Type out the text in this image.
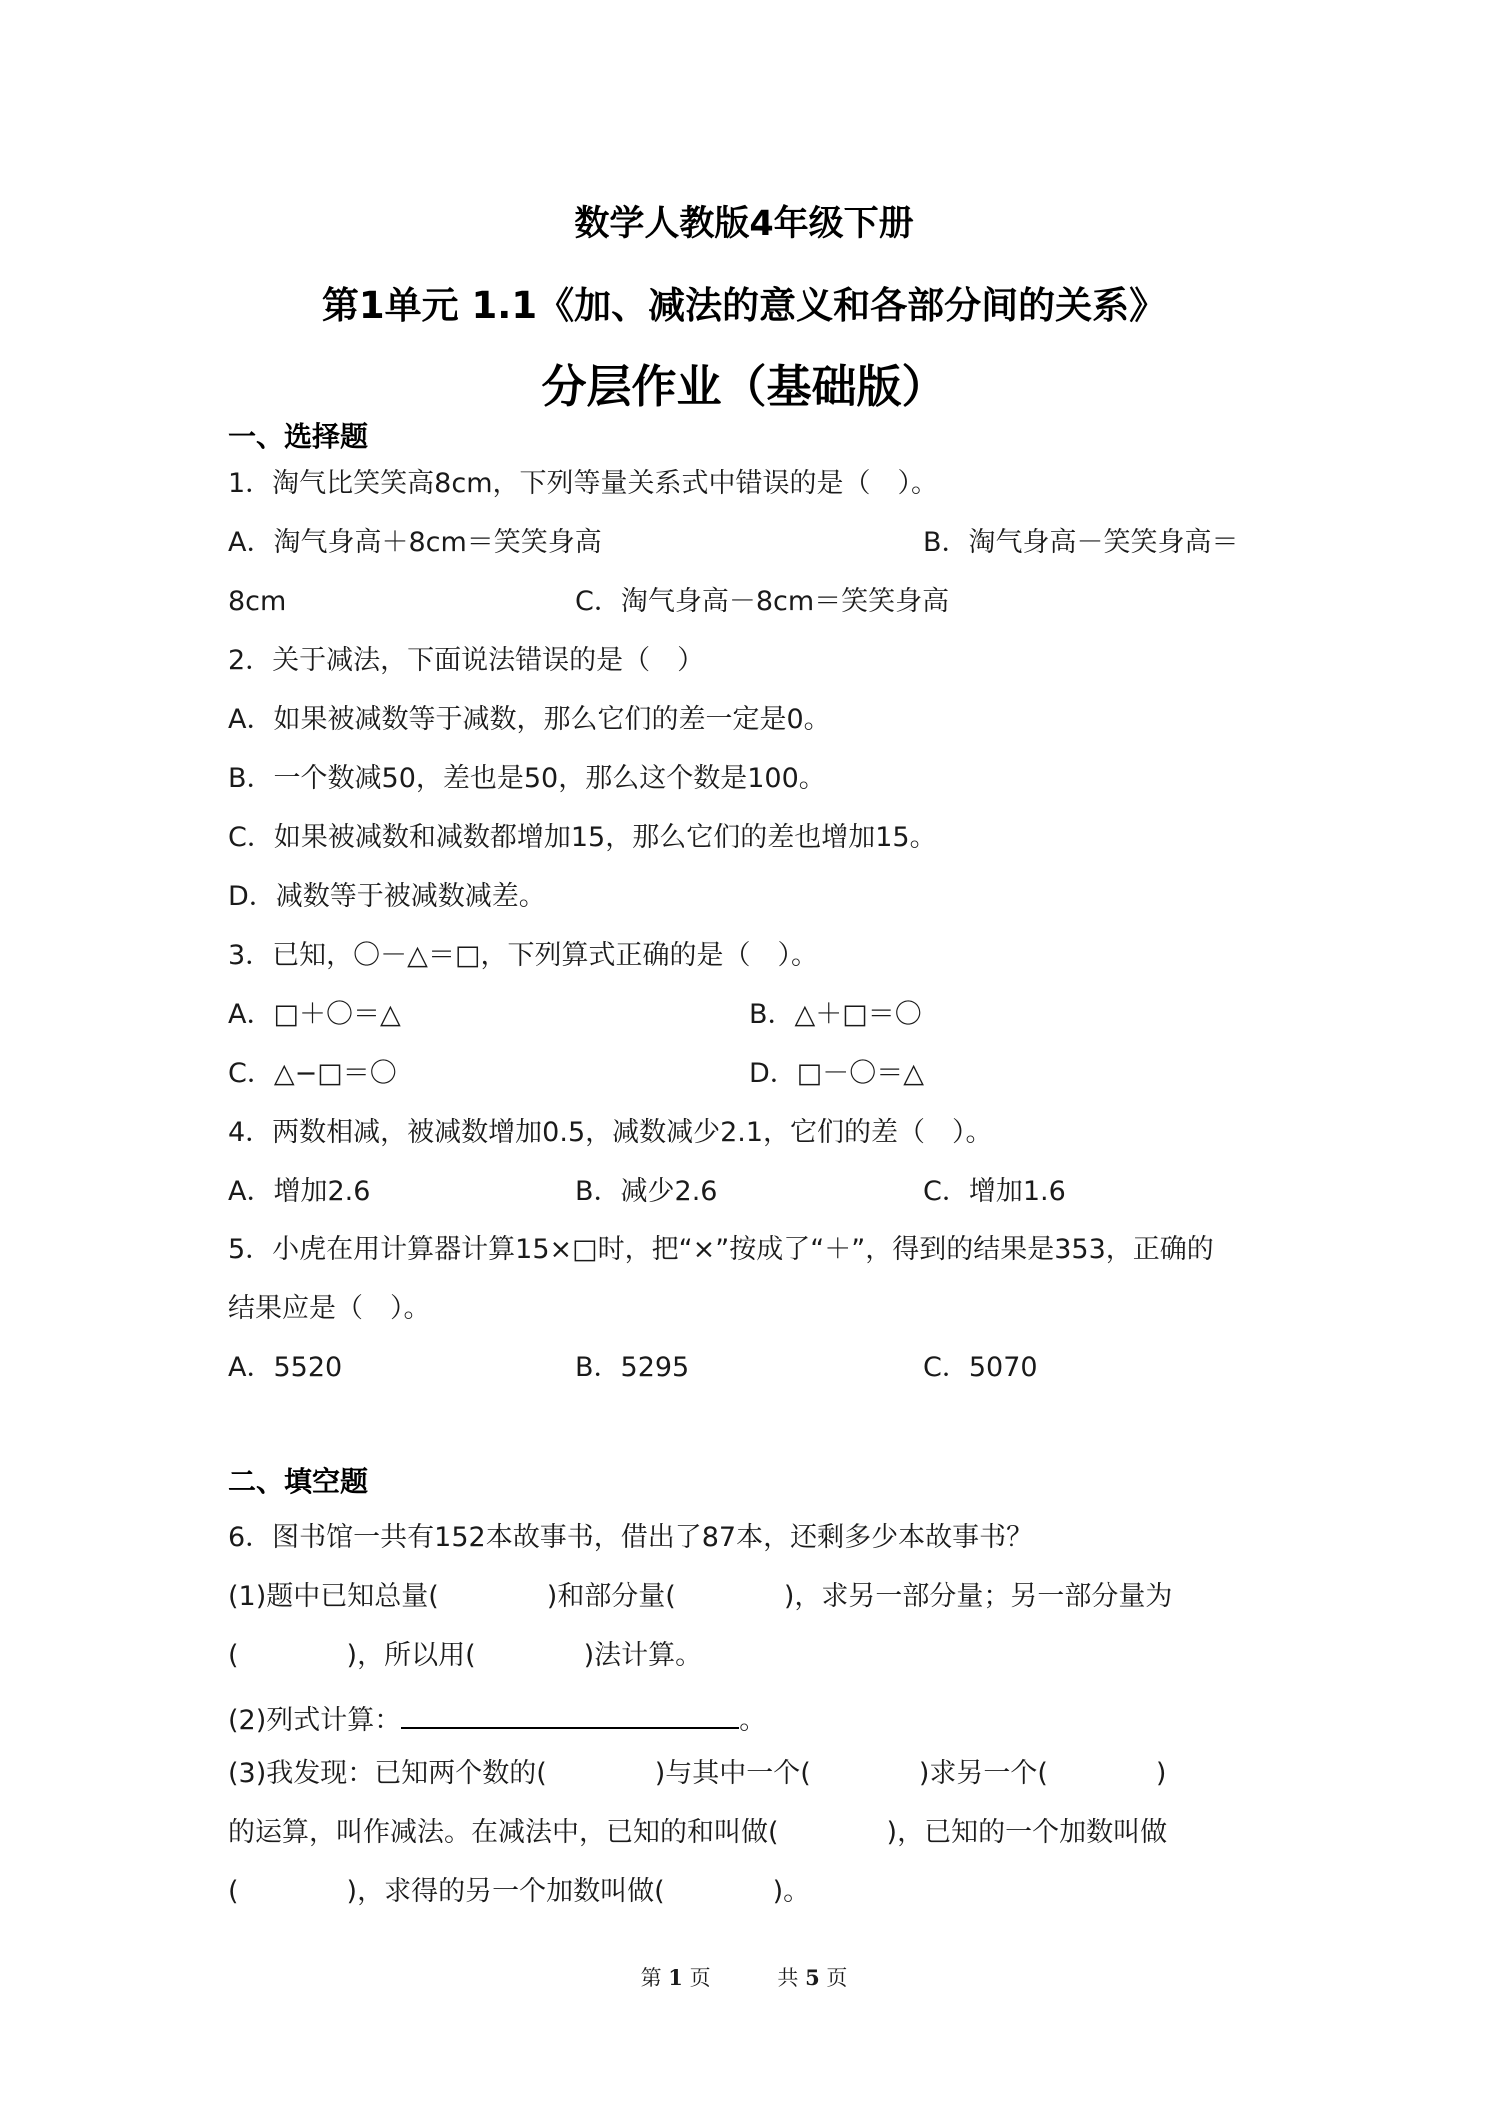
数学人教版4年级下册
第1单元 1.1《加、减法的意义和各部分间的关系》
分层作业（基础版）
一、选择题
1．淘气比笑笑高8cm，下列等量关系式中错误的是（　）。
A．淘气身高＋8cm＝笑笑身高	B．淘气身高－笑笑身高＝
8cm	C．淘气身高－8cm＝笑笑身高
2．关于减法，下面说法错误的是（　）
A．如果被减数等于减数，那么它们的差一定是0。
B．一个数减50，差也是50，那么这个数是100。
C．如果被减数和减数都增加15，那么它们的差也增加15。
D．减数等于被减数减差。
3．已知，〇－△＝□，下列算式正确的是（　）。
A．□＋〇＝△	B．△＋□＝〇
C．△−□＝〇	D．□－〇＝△
4．两数相减，被减数增加0.5，减数减少2.1，它们的差（　）。
A．增加2.6	B．减少2.6	C．增加1.6
5．小虎在用计算器计算15×□时，把“×”按成了“＋”，得到的结果是353，正确的
结果应是（　）。
A．5520	B．5295	C．5070
二、填空题
6．图书馆一共有152本故事书，借出了87本，还剩多少本故事书？
(1)题中已知总量(　　　　)和部分量(　　　　)，求另一部分量；另一部分量为
(　　　　)，所以用(　　　　)法计算。
(2)列式计算：	。
(3)我发现：已知两个数的(　　　　)与其中一个(　　　　)求另一个(　　　　)
的运算，叫作减法。在减法中，已知的和叫做(　　　　)，已知的一个加数叫做
(　　　　)，求得的另一个加数叫做(　　　　)。
第 1 页	共 5 页
